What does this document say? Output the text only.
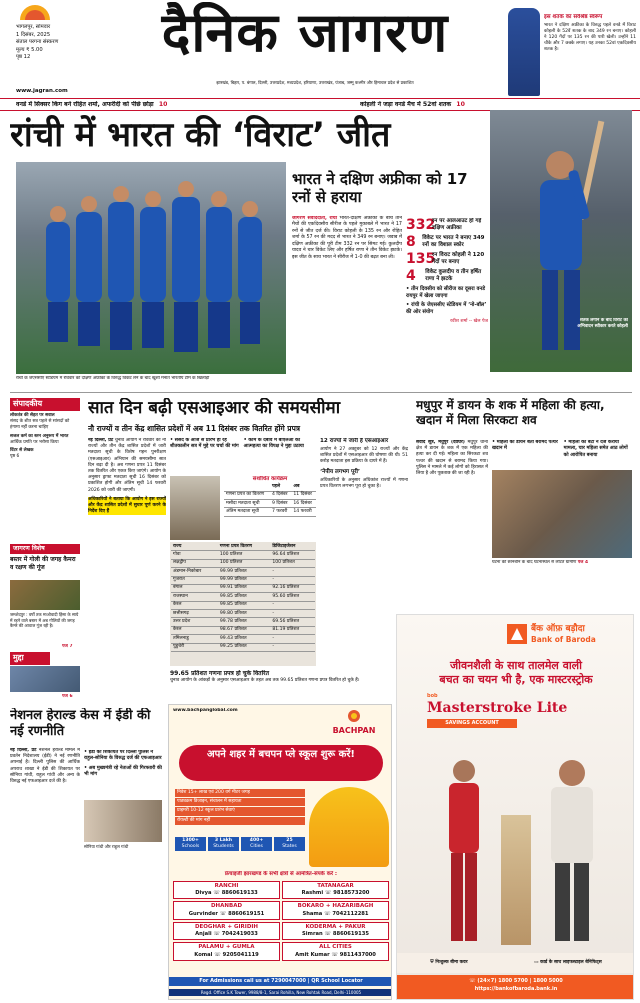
भागलपुर, सोमवार
1 दिसंबर, 2025
संताल परगना संस्करण
मूल्य ₹ 5.00
पृष्ठ 12	दैनिक जागरण
www.jagran.com
झारखंड, बिहार, प. बंगाल, दिल्ली, उत्तरप्रदेश, मध्यप्रदेश, हरियाणा, उत्तराखंड, पंजाब, जम्मू कश्मीर और हिमाचल प्रदेश से प्रकाशित
इस शतक का सर्वश्रेष्ठ स्वरूप
भारत ने दक्षिण अफ्रीका के विरुद्ध पहले वनडे में विराट कोहली के 52वें शतक के बाद 349 रन बनाए। कोहली ने 120 गेंदों पर 135 रन की पारी खेली। उन्होंने 11 चौके और 7 छक्के लगाए। यह उनका 52वां एकदिवसीय शतक है।
वनडे में सिक्सर किंग बने रोहित शर्मा, अफरीदी को पीछे छोड़ा 10	कोहली ने जड़ा वनडे मैच में 52वां शतक 10
रांची में भारत की ‘विराट’ जीत
रांची के जेएससीए स्टेडियम में रविवार को दक्षिण अफ्रीका के विरुद्ध विकेट लेने के बाद खुशी मनाते भारतीय टीम के खिलाड़ी
भारत ने दक्षिण अफ्रीका को 17 रनों से हराया
जागरण संवाददाता, रांची भारत-दक्षिण अफ्रीका के बीच तीन मैचों की एकदिवसीय सीरीज के पहले मुकाबले में भारत ने 17 रनों से जीत दर्ज की। विराट कोहली के 135 रन और रोहित शर्मा के 57 रन की मदद से भारत ने 349 रन बनाए। जवाब में दक्षिण अफ्रीका की पूरी टीम 332 रन पर सिमट गई। कुलदीप यादव ने चार विकेट लिए और हर्षित राणा ने तीन विकेट झटके। इस जीत के साथ भारत ने सीरीज में 1-0 की बढ़त बना ली।
332
रन पर आलआउट हो गई दक्षिण अफ्रीका
8	विकेट पर भारत ने बनाए 349 रनों का विशाल स्कोर
135
रन विराट कोहली ने 120 गेंदों पर बनाए
4	विकेट कुलदीप व तीन हर्षित राणा ने झटके
• तीन दिवसीय को सीरीज का दूसरा वनडे रायपुर में खेला जाएगा
• रांची के जेएससीए स्टेडियम में ‘नो-बॉल’ की ओर संयोग
रवीश शर्मा -- खेल पेज	शतक लगाने के बाद विराट का अभिवादन स्वीकार करते कोहली
संपादकीय
लोकतंत्र की सेहत पर सवाल
संसद के शीत सत्र पहले से सांसदों को हंगामा नहीं करना चाहिए
सजल कर्म का स्तन अनुरूप में भारत
आर्थिक प्रगति पर भरोसा किया
विंटर से लेखक
पृष्ठ 6
जागरण विशेष
बस्तर में गोली की जगह कैमरा व रक्षण की गूंज
जमशेदपुर : वर्षों तक माओवादी हिंसा के साये में रहने वाले बस्तर में अब गोलियों की जगह कैमरे की आवाज गूंज रही है।
पेज 7
मुद्दा
पेज 6
सात दिन बढ़ी एसआइआर की समयसीमा
नौ राज्यों व तीन केंद्र शासित प्रदेशों में अब 11 दिसंबर तक वितरित होंगे प्रपत्र
नई दिल्ली, प्रेट चुनाव आयोग ने रविवार को नौ राज्यों और तीन केंद्र शासित प्रदेशों में जारी मतदाता सूची के विशेष गहन पुनरीक्षण (एसआइआर) अभियान की समयसीमा सात दिन बढ़ा दी है। अब गणना प्रपत्र 11 दिसंबर तक वितरित और एकत्र किए जाएंगे। आयोग के अनुसार ड्राफ्ट मतदाता सूची 16 दिसंबर को प्रकाशित होगी और अंतिम सूची 14 फरवरी 2026 को जारी की जाएगी।
अधिकारियों ने बताया कि आयोग ने इस राज्यों और केंद्र शासित प्रदेशों में सुधार पूर्ण करने के निर्देश दिए हैं
• संसद के आज से प्रारंभ हो रहे शीतकालीन सत्र में मुद्दे पर चर्चा की मांग • काम के दबाव में बीएलओ की आत्महत्या का विपक्ष ने मुद्दा उठाया
संशोधित कार्यक्रम
	पहले	अब
गणना प्रपत्र का वितरण	4 दिसंबर	11 दिसंबर
मसौदा मतदाता सूची	9 दिसंबर	16 दिसंबर
अंतिम मतदाता सूची	7 फरवरी	14 फरवरी
राज्य	गणना प्रपत्र वितरण	डिजिटाइजेशन
गोवा	100 प्रतिशत	96.64 प्रतिशत
लक्षद्वीप	100 प्रतिशत	100 प्रतिशत
अंडमान-निकोबार	99.99 प्रतिशत	-
गुजरात	99.99 प्रतिशत	-
बंगाल	99.91 प्रतिशत	92.16 प्रतिशत
राजस्थान	99.85 प्रतिशत	95.60 प्रतिशत
केरल	99.85 प्रतिशत	-
छत्तीसगढ़	99.80 प्रतिशत	-
उत्तर प्रदेश	99.78 प्रतिशत	69.56 प्रतिशत
केरल	98.67 प्रतिशत	81.19 प्रतिशत
तमिलनाडु	99.43 प्रतिशत	-
पुडुचेरी	99.25 प्रतिशत	-
12 राज्यों में जारी है एसआइआर
आयोग ने 27 अक्टूबर को 12 राज्यों और केंद्र शासित प्रदेशों में एसआइआर की घोषणा की थी। 51 करोड़ मतदाता इस प्रक्रिया के दायरे में हैं।
‘नेपीय लगभग पूरी’
अधिकारियों के अनुसार अधिकांश राज्यों में गणना प्रपत्र वितरण लगभग पूरा हो चुका है।
99.65 प्रतिशत गणना प्रपत्र हो चुके वितरित
चुनाव आयोग के आंकड़ों के अनुसार एसआइआर के तहत अब तक 99.65 प्रतिशत गणना प्रपत्र वितरित हो चुके हैं।
मधुपुर में डायन के शक में महिला की हत्या, खदान में मिला सिरकटा शव
संवाद सूत्र, मधुपुर (देवघर) मधुपुर थाना क्षेत्र में डायन के शक में एक महिला की हत्या कर दी गई। महिला का सिरकटा शव पत्थर की खदान से बरामद किया गया। पुलिस ने मामले में कई लोगों को हिरासत में लिया है और पूछताछ की जा रही है।
• महिला को डायन बता बरामद पत्थर खदान में • महिला की बेटी ने दर्ज कराया मामला, चार महिला समेत आठ लोगों को आरोपित बनाया
घटना की छानबीन के बाद घटनास्थल से लौटते ग्रामीण पेज 4
नेशनल हेराल्ड केस में ईडी की नई रणनीति
नई दिल्ली, प्रेट नेशनल हेराल्ड मामले में प्रवर्तन निदेशालय (ईडी) ने नई रणनीति अपनाई है। दिल्ली पुलिस की आर्थिक अपराध शाखा ने ईडी की शिकायत पर सोनिया गांधी, राहुल गांधी और अन्य के विरुद्ध नई एफआइआर दर्ज की है।
• ईडी की शिकायत पर दिल्ली पुलिस ने राहुल-सोनिया के विरुद्ध दर्ज की एफआइआर
• अब मुख्यमंत्री रहे नेताओं की गिरफ्तारी की भी मांग
सोनिया गांधी और राहुल गांधी
www.bachpanglobal.com
BACHPAN
अपने शहर में बचपन प्ले स्कूल शुरू करें!
निवेश 15+ लाख एवं 200 वर्ग मीटर जगह
पाठ्यक्रम डिजाइन, संचालन में सहायता
प्राइमरी 10-12 स्कूल प्रारंभ सेवाएं
रॉयल्टी की मांग नहीं
1300+
Schools
3 Lakh
Students
400+
Cities
25
States
फ्रेंचाइजी झारखण्ड के सभी क्षेत्रों से आमंत्रित-संपर्क करें :
RANCHI
Divya ☏ 8860619133
TATANAGAR
Rashmi ☏ 9818573200
DHANBAD
Gurvinder ☏ 8860619151
BOKARO + HAZARIBAGH
Shama ☏ 7042112281
DEOGHAR + GIRIDIH
Anjali ☏ 7042419033
KODERMA + PAKUR
Simran ☏ 8860619135
PALAMU + GUMLA
Komal ☏ 9205041119
ALL CITIES
Amit Kumar ☏ 9811437000
For Admissions call us at 7290047000 | QR School Locator
Regd. Office S.K Tower, 9988/8-1, Sarai Rohilla, New Rohtak Road, Delhi-110005
बैंक ऑफ़ बड़ौदा
Bank of Baroda
जीवनशैली के साथ तालमेल वाली
बचत का चयन भी है, एक मास्टरस्ट्रोक
bob
Masterstroke Lite
SAVINGS ACCOUNT
⛨ निःशुल्क बीमा कवर	▭ कार्ड के साथ लाइफस्टाइल बेनिफिट्स
☏ (24×7) 1800 5700 | 1800 5000
https://bankofbaroda.bank.in
